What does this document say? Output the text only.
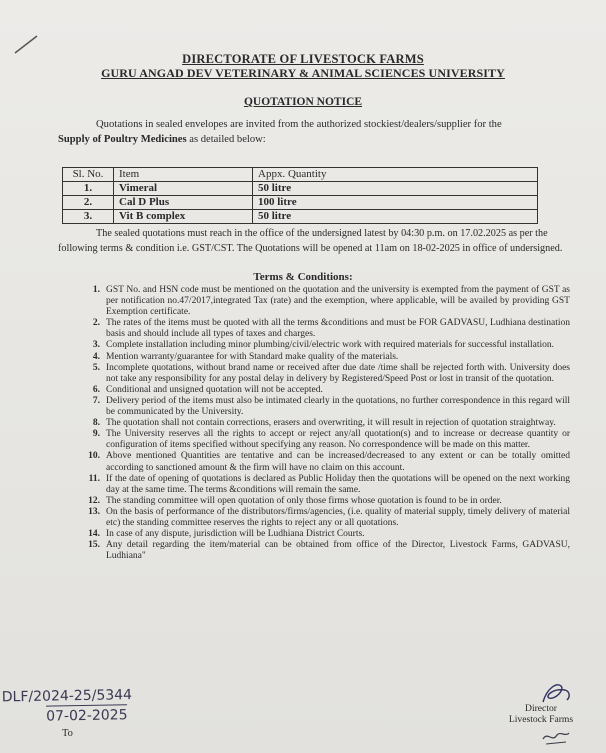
DIRECTORATE OF LIVESTOCK FARMS
GURU ANGAD DEV VETERINARY & ANIMAL SCIENCES UNIVERSITY
QUOTATION NOTICE
Quotations in sealed envelopes are invited from the authorized stockiest/dealers/supplier for the
Supply of Poultry Medicines as detailed below:
Sl. No.	Item	Appx. Quantity
1.	Vimeral	50 litre
2.	Cal D Plus	100 litre
3.	Vit B complex	50 litre
The sealed quotations must reach in the office of the undersigned latest by 04:30 p.m. on 17.02.2025 as per the following terms & condition i.e. GST/CST. The Quotations will be opened at 11am on 18-02-2025 in office of undersigned.
Terms & Conditions:
1. GST No. and HSN code must be mentioned on the quotation and the university is exempted from the payment of GST as per notification no.47/2017,integrated Tax (rate) and the exemption, where applicable, will be availed by providing GST Exemption certificate.
2. The rates of the items must be quoted with all the terms &conditions and must be FOR GADVASU, Ludhiana destination basis and should include all types of taxes and charges.
3. Complete installation including minor plumbing/civil/electric work with required materials for successful installation.
4. Mention warranty/guarantee for with Standard make quality of the materials.
5. Incomplete quotations, without brand name or received after due date /time shall be rejected forth with. University does not take any responsibility for any postal delay in delivery by Registered/Speed Post or lost in transit of the quotation.
6. Conditional and unsigned quotation will not be accepted.
7. Delivery period of the items must also be intimated clearly in the quotations, no further correspondence in this regard will be communicated by the University.
8. The quotation shall not contain corrections, erasers and overwriting, it will result in rejection of quotation straightway.
9. The University reserves all the rights to accept or reject any/all quotation(s) and to increase or decrease quantity or configuration of items specified without specifying any reason. No correspondence will be made on this matter.
10. Above mentioned Quantities are tentative and can be increased/decreased to any extent or can be totally omitted according to sanctioned amount & the firm will have no claim on this account.
11. If the date of opening of quotations is declared as Public Holiday then the quotations will be opened on the next working day at the same time. The terms &conditions will remain the same.
12. The standing committee will open quotation of only those firms whose quotation is found to be in order.
13. On the basis of performance of the distributors/firms/agencies, (i.e. quality of material supply, timely delivery of material etc) the standing committee reserves the rights to reject any or all quotations.
14. In case of any dispute, jurisdiction will be Ludhiana District Courts.
15. Any detail regarding the item/material can be obtained from office of the Director, Livestock Farms, GADVASU, Ludhiana"
DLF/2024-25/5344
07-02-2025
To
Director
Livestock Farms
